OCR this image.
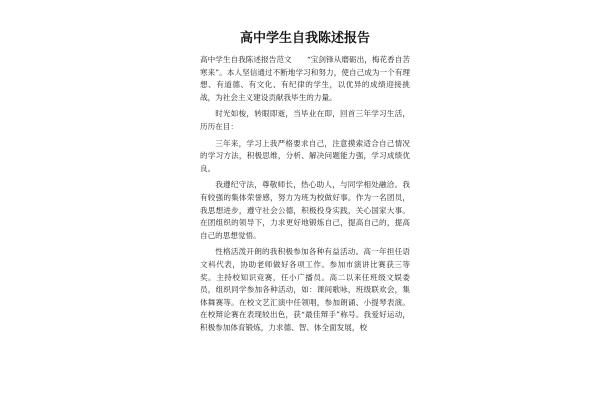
高中学生自我陈述报告

高中学生自我陈述报告范文　　“宝剑锋从磨砺出，梅花香自苦寒来”。本人坚信通过不断地学习和努力，使自己成为一个有理想、有道德、有文化、有纪律的学生，以优异的成绩迎接挑战，为社会主义建设贡献我毕生的力量。

时光如梭，转眼即逝，当毕业在即，回首三年学习生活，历历在目：

三年来，学习上我严格要求自己，注意摸索适合自己情况的学习方法，积极思维，分析、解决问题能力强，学习成绩优良。

我遵纪守法，尊敬师长，热心助人，与同学相处融洽。我有较强的集体荣誉感，努力为班为校做好事。作为一名团员，我思想进步，遵守社会公德，积极投身实践，关心国家大事。在团组织的领导下，力求更好地锻炼自己，提高自己的，提高自己的思想觉悟。

性格活泼开朗的我积极参加各种有益活动。高一年担任语文科代表，协助老师做好各项工作。参加市演讲比赛获三等奖。主持校知识竞赛，任小广播员。高二以来任班级文娱委员，组织同学参加各种活动，如：课间歌咏，班级联欢会，集体舞赛等。在校文艺汇演中任领唱，参加朗诵、小提琴表演。在校辩论赛在表现较出色，获“最佳辩手”称号。我爱好运动，积极参加体育锻炼，力求德、智、体全面发展，校
